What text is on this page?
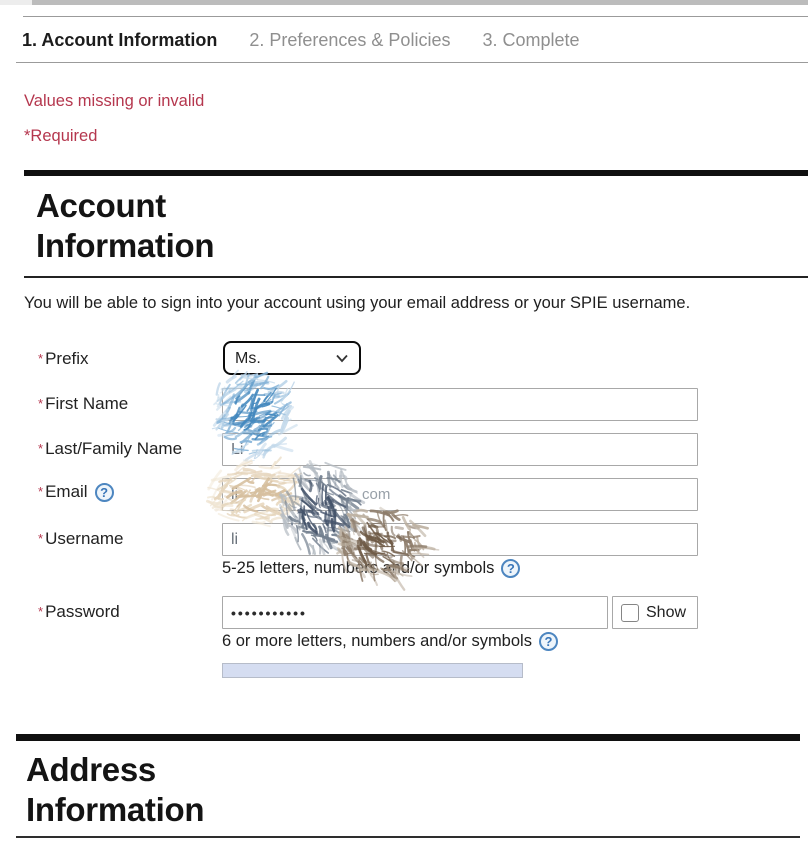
1. Account Information 2. Preferences & Policies 3. Complete
Values missing or invalid
*Required
Account Information

You will be able to sign into your account using your email address or your SPIE username.

* Prefix
Ms.
* First Name
* Last/Family Name
Li
* Email ?
li	com
* Username
li
5-25 letters, numbers and/or symbols ?
* Password
•••••••••••	Show
6 or more letters, numbers and/or symbols ?
Address Information
